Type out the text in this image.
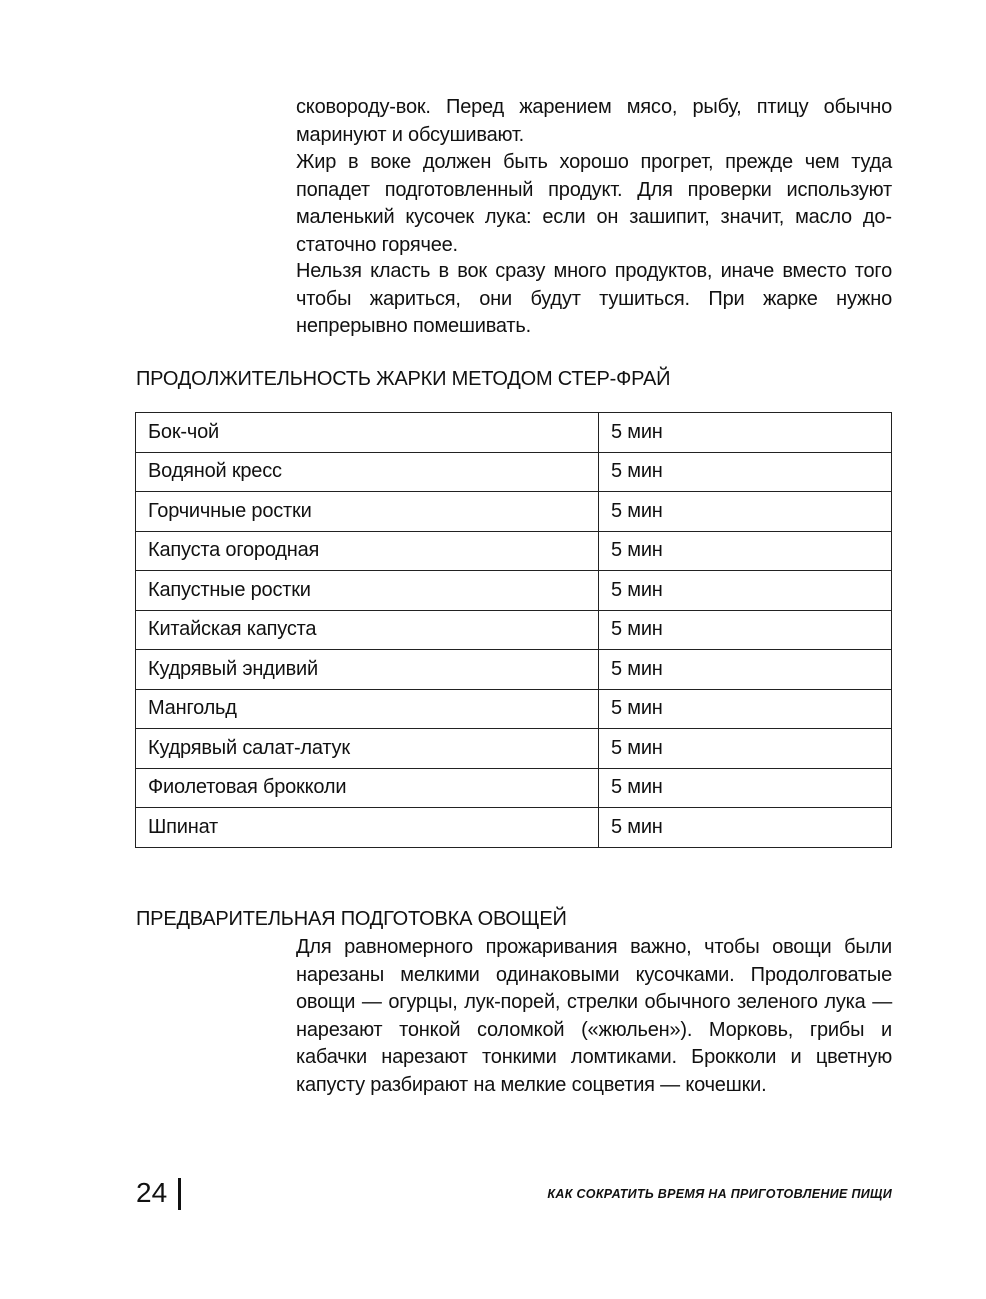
сковороду-вок. Перед жарением мясо, рыбу, птицу обычно маринуют и обсушивают.

Жир в воке должен быть хорошо прогрет, прежде чем туда попадет подготовленный продукт. Для проверки используют маленький кусочек лука: если он зашипит, значит, масло достаточно горячее.

Нельзя класть в вок сразу много продуктов, иначе вместо того чтобы жариться, они будут тушиться. При жарке нужно непрерывно помешивать.

ПРОДОЛЖИТЕЛЬНОСТЬ ЖАРКИ МЕТОДОМ СТЕР-ФРАЙ
Бок-чой	5 мин
Водяной кресс	5 мин
Горчичные ростки	5 мин
Капуста огородная	5 мин
Капустные ростки	5 мин
Китайская капуста	5 мин
Кудрявый эндивий	5 мин
Мангольд	5 мин
Кудрявый салат-латук	5 мин
Фиолетовая брокколи	5 мин
Шпинат	5 мин
ПРЕДВАРИТЕЛЬНАЯ ПОДГОТОВКА ОВОЩЕЙ

Для равномерного прожаривания важно, чтобы овощи были нарезаны мелкими одинаковыми кусочками. Продолговатые овощи — огурцы, лук-порей, стрелки обычного зеленого лука — нарезают тонкой соломкой («жюльен»). Морковь, грибы и кабачки нарезают тонкими ломтиками. Брокколи и цветную капусту разбирают на мелкие соцветия — кочешки.

24	КАК СОКРАТИТЬ ВРЕМЯ НА ПРИГОТОВЛЕНИЕ ПИЩИ
